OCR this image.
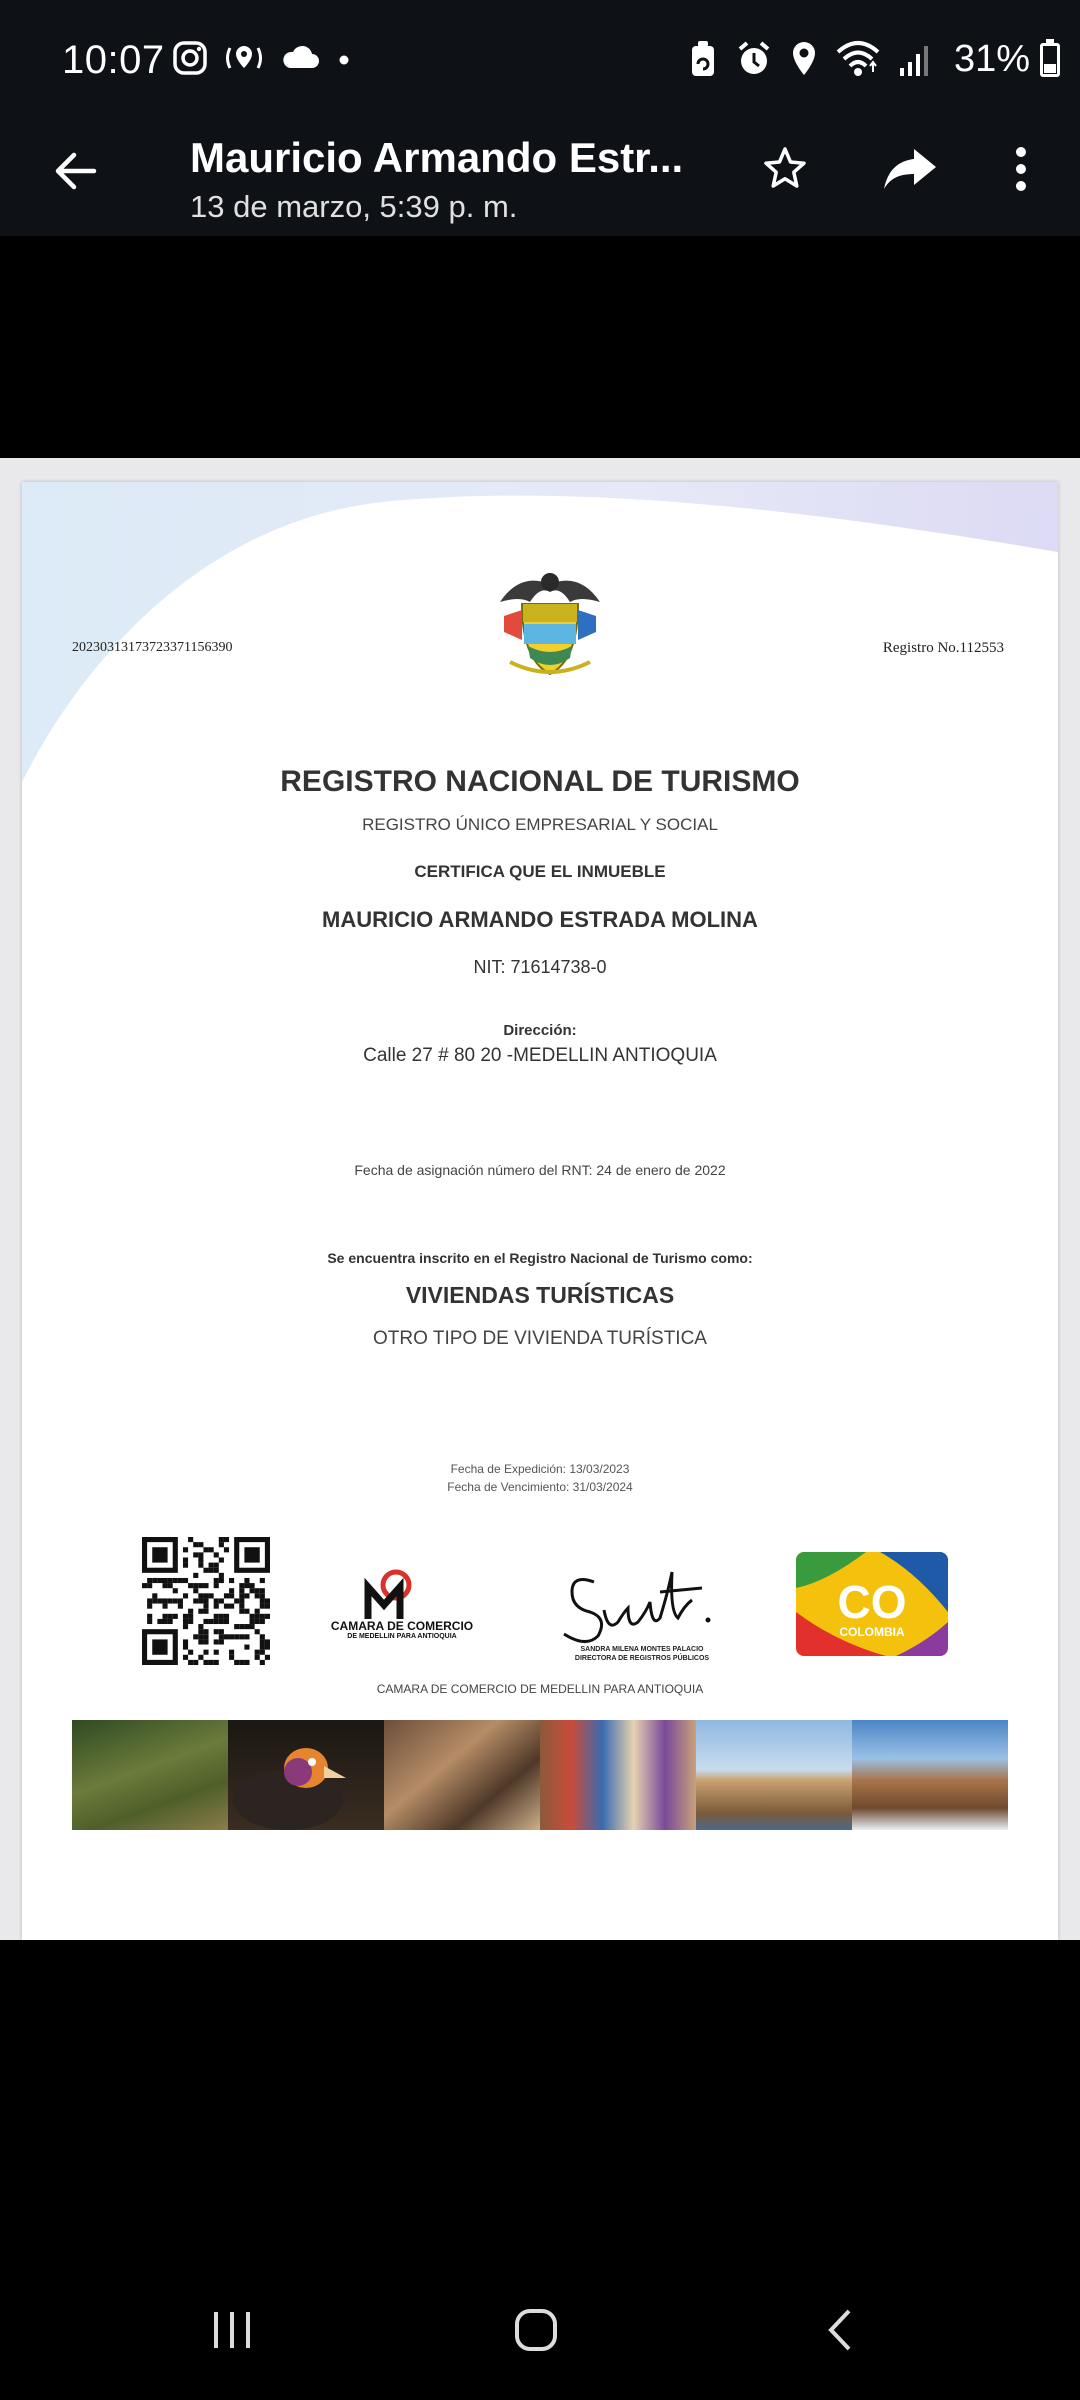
10:07	31%
Mauricio Armando Estr...
13 de marzo, 5:39 p. m.
20230313173723371156390	Registro No.112553
REGISTRO NACIONAL DE TURISMO
REGISTRO ÚNICO EMPRESARIAL Y SOCIAL
CERTIFICA QUE EL INMUEBLE
MAURICIO ARMANDO ESTRADA MOLINA
NIT: 71614738-0
Dirección:
Calle 27 # 80 20 -MEDELLIN ANTIOQUIA
Fecha de asignación número del RNT: 24 de enero de 2022
Se encuentra inscrito en el Registro Nacional de Turismo como:
VIVIENDAS TURÍSTICAS
OTRO TIPO DE VIVIENDA TURÍSTICA
Fecha de Expedición: 13/03/2023
Fecha de Vencimiento: 31/03/2024
CAMARA DE COMERCIO
DE MEDELLIN PARA ANTIOQUIA
SANDRA MILENA MONTES PALACIO
DIRECTORA DE REGISTROS PÚBLICOS
CO
COLOMBIA
CAMARA DE COMERCIO DE MEDELLIN PARA ANTIOQUIA
